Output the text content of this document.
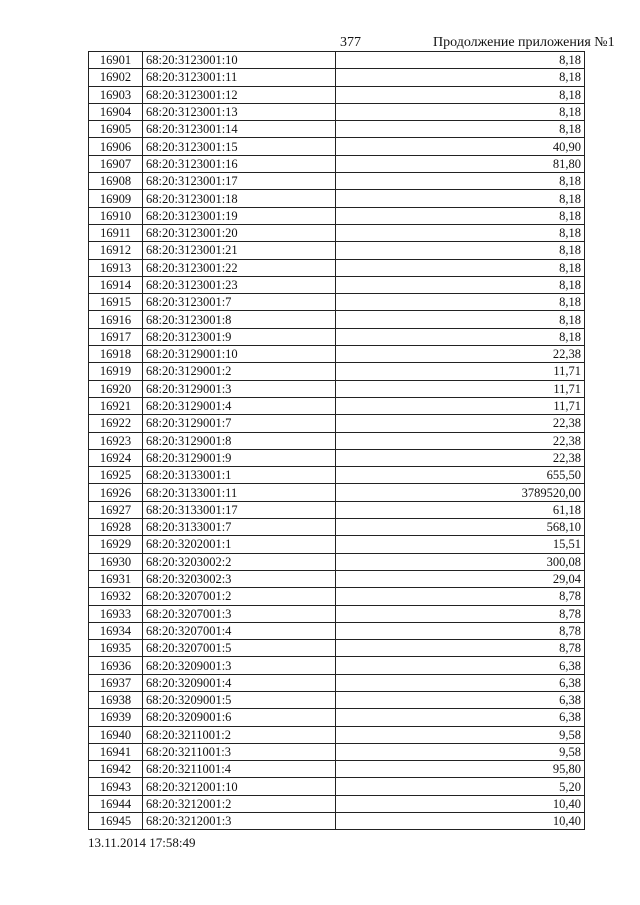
377	Продолжение приложения №1
16901	68:20:3123001:10	8,18
16902	68:20:3123001:11	8,18
16903	68:20:3123001:12	8,18
16904	68:20:3123001:13	8,18
16905	68:20:3123001:14	8,18
16906	68:20:3123001:15	40,90
16907	68:20:3123001:16	81,80
16908	68:20:3123001:17	8,18
16909	68:20:3123001:18	8,18
16910	68:20:3123001:19	8,18
16911	68:20:3123001:20	8,18
16912	68:20:3123001:21	8,18
16913	68:20:3123001:22	8,18
16914	68:20:3123001:23	8,18
16915	68:20:3123001:7	8,18
16916	68:20:3123001:8	8,18
16917	68:20:3123001:9	8,18
16918	68:20:3129001:10	22,38
16919	68:20:3129001:2	11,71
16920	68:20:3129001:3	11,71
16921	68:20:3129001:4	11,71
16922	68:20:3129001:7	22,38
16923	68:20:3129001:8	22,38
16924	68:20:3129001:9	22,38
16925	68:20:3133001:1	655,50
16926	68:20:3133001:11	3789520,00
16927	68:20:3133001:17	61,18
16928	68:20:3133001:7	568,10
16929	68:20:3202001:1	15,51
16930	68:20:3203002:2	300,08
16931	68:20:3203002:3	29,04
16932	68:20:3207001:2	8,78
16933	68:20:3207001:3	8,78
16934	68:20:3207001:4	8,78
16935	68:20:3207001:5	8,78
16936	68:20:3209001:3	6,38
16937	68:20:3209001:4	6,38
16938	68:20:3209001:5	6,38
16939	68:20:3209001:6	6,38
16940	68:20:3211001:2	9,58
16941	68:20:3211001:3	9,58
16942	68:20:3211001:4	95,80
16943	68:20:3212001:10	5,20
16944	68:20:3212001:2	10,40
16945	68:20:3212001:3	10,40
13.11.2014 17:58:49
